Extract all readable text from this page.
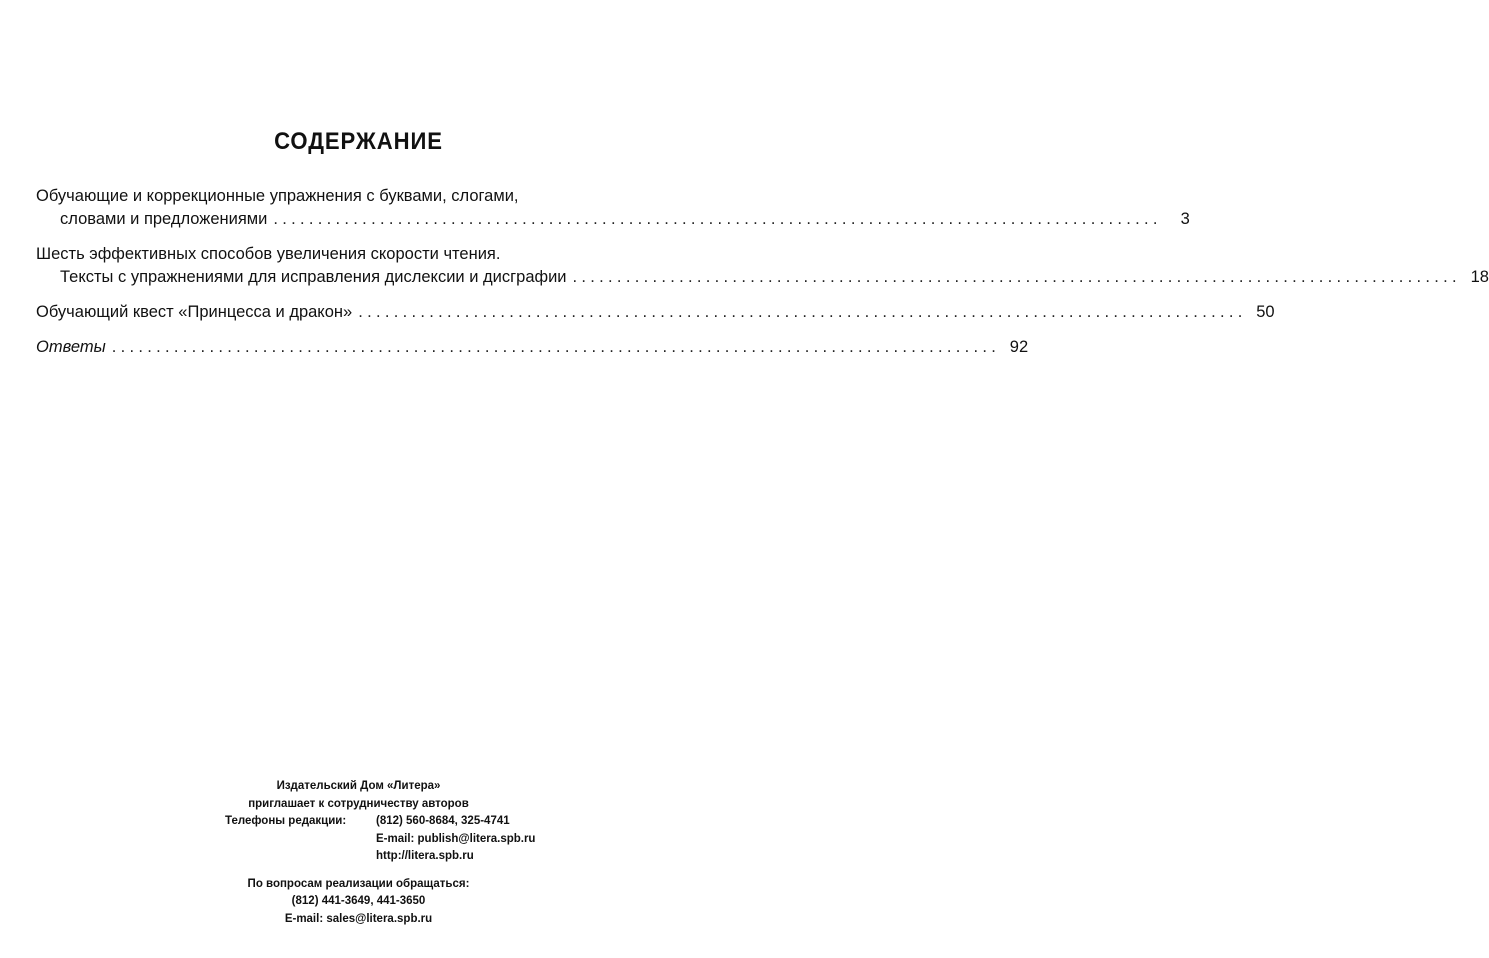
СОДЕРЖАНИЕ
Обучающие и коррекционные упражнения с буквами, слогами,
словами и предложениями ....................................................................................................	3
Шесть эффективных способов увеличения скорости чтения.
Тексты с упражнениями для исправления дислексии и дисграфии .................................................................................................... 18
Обучающий квест «Принцесса и дракон» .................................................................................................... 50
Ответы .................................................................................................... 92
Издательский Дом «Литера»
приглашает к сотрудничеству авторов
Телефоны редакции:	(812) 560-8684, 325-4741
E-mail: publish@litera.spb.ru
http://litera.spb.ru
По вопросам реализации обращаться:
(812) 441-3649, 441-3650
E-mail: sales@litera.spb.ru
